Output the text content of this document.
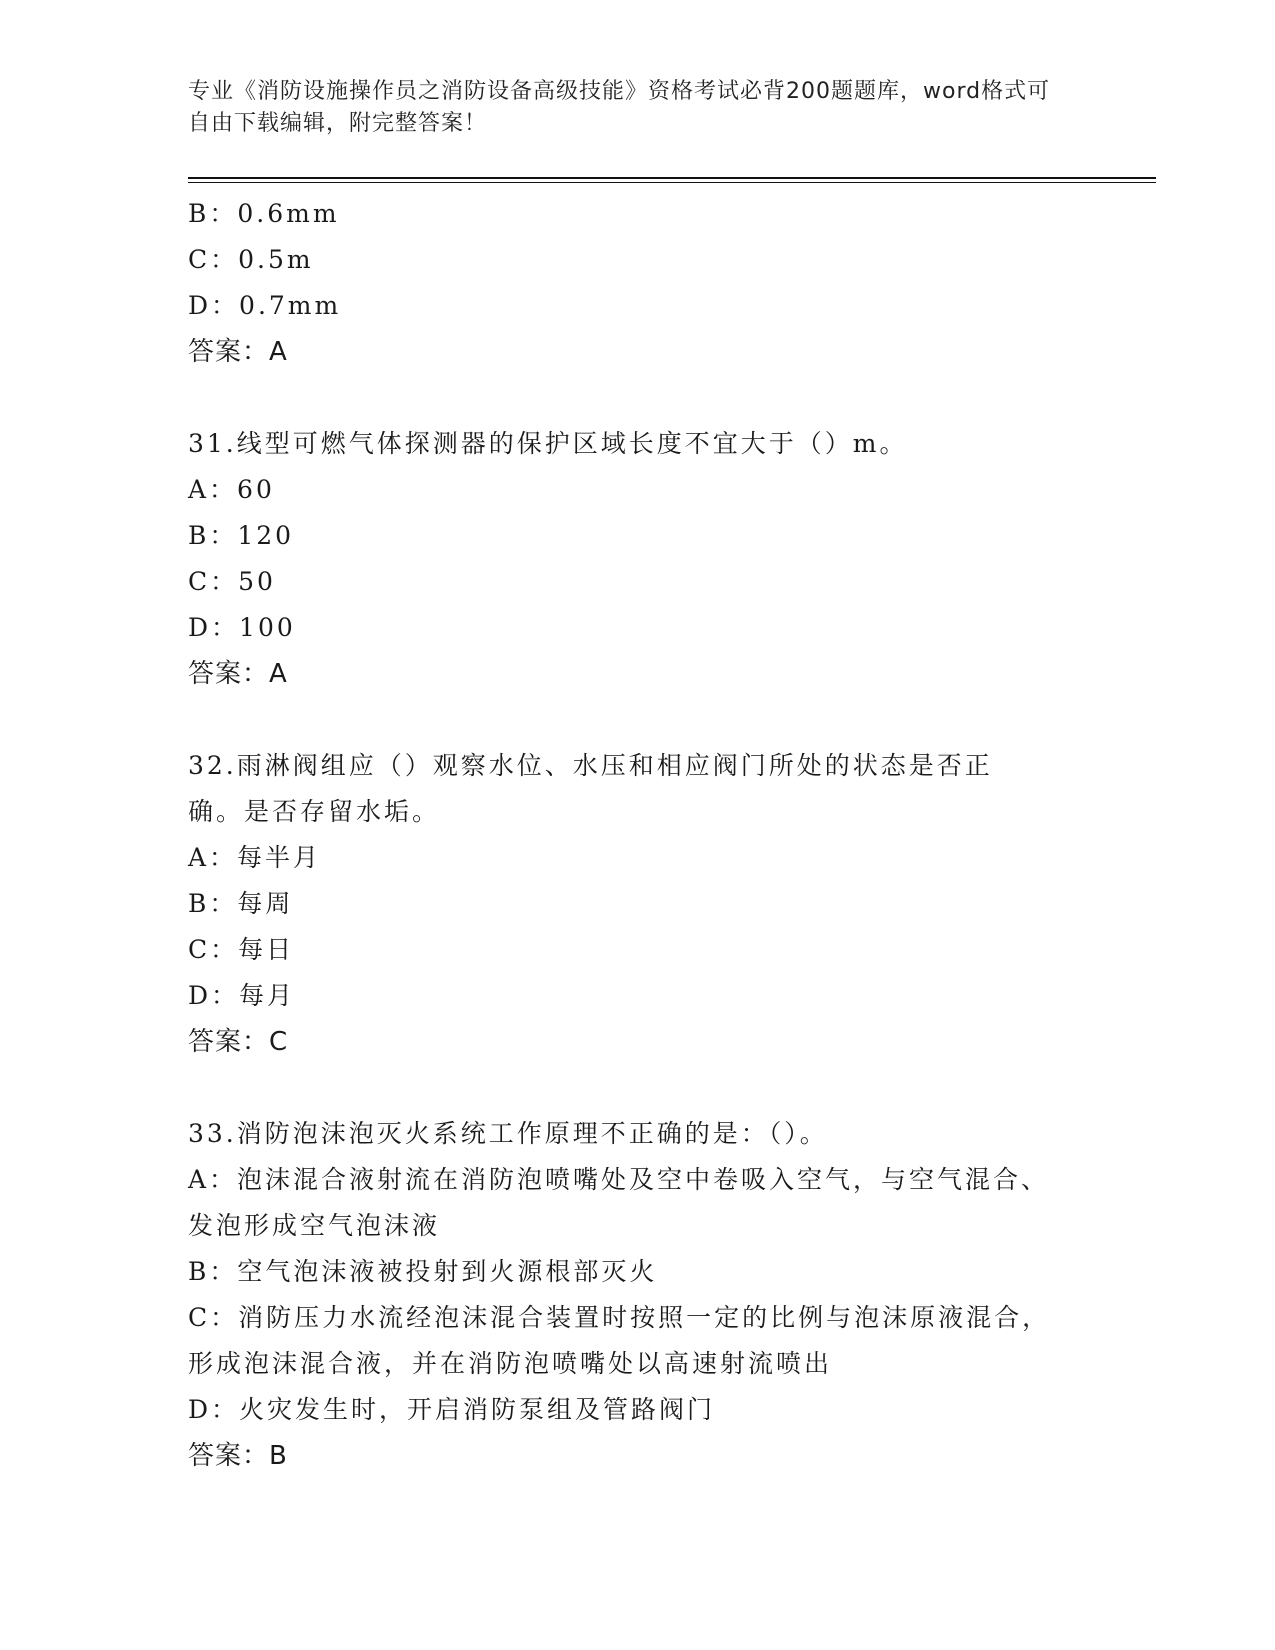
专业《消防设施操作员之消防设备高级技能》资格考试必背200题题库，word格式可自由下载编辑，附完整答案！
B：0.6mm
C：0.5m
D：0.7mm
答案：A
31.线型可燃气体探测器的保护区域长度不宜大于（）m。
A：60
B：120
C：50
D：100
答案：A
32.雨淋阀组应（）观察水位、水压和相应阀门所处的状态是否正确。是否存留水垢。
A：每半月
B：每周
C：每日
D：每月
答案：C
33.消防泡沫泡灭火系统工作原理不正确的是：（）。
A：泡沫混合液射流在消防泡喷嘴处及空中卷吸入空气，与空气混合、发泡形成空气泡沫液
B：空气泡沫液被投射到火源根部灭火
C：消防压力水流经泡沫混合装置时按照一定的比例与泡沫原液混合，形成泡沫混合液，并在消防泡喷嘴处以高速射流喷出
D：火灾发生时，开启消防泵组及管路阀门
答案：B
